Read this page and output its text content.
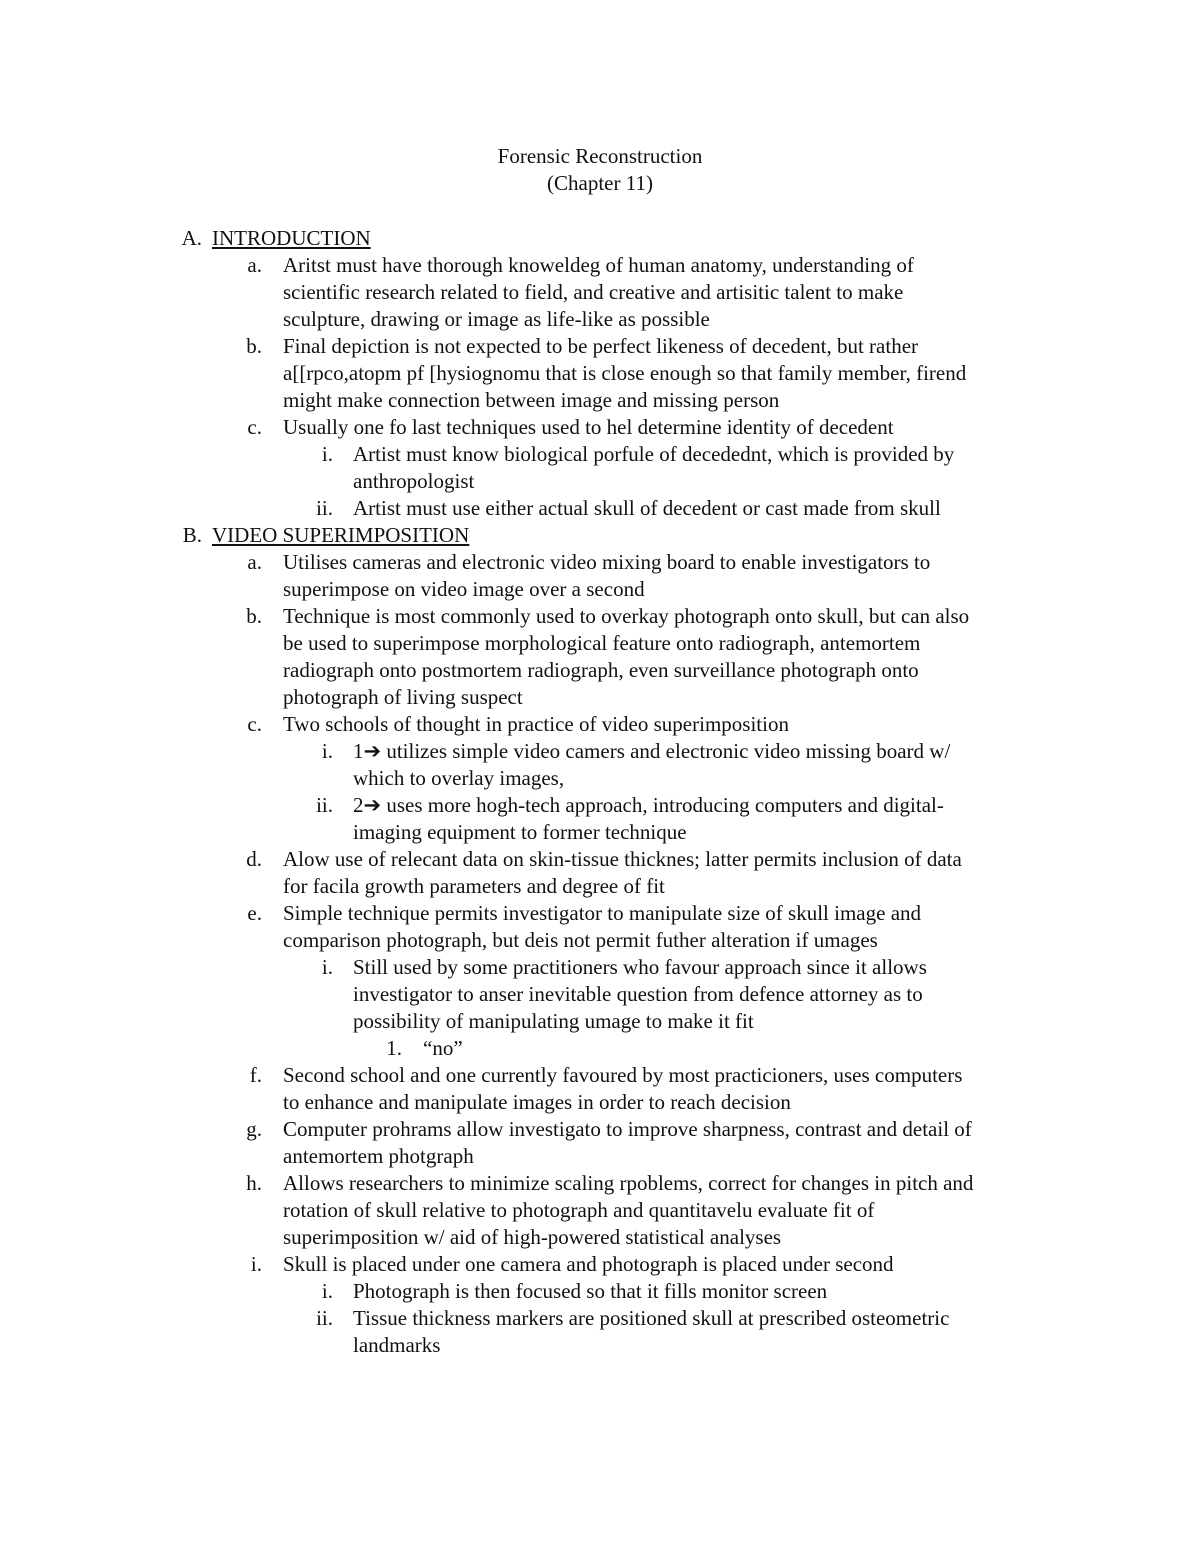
Forensic Reconstruction
(Chapter 11)
A. INTRODUCTION
a. Aritst must have thorough knoweldeg of human anatomy, understanding of
scientific research related to field, and creative and artisitic talent to make
sculpture, drawing or image as life-like as possible
b. Final depiction is not expected to be perfect likeness of decedent, but rather
a[[rpco,atopm pf [hysiognomu that is close enough so that family member, firend
might make connection between image and missing person
c. Usually one fo last techniques used to hel determine identity of decedent
i. Artist must know biological porfule of decedednt, which is provided by
anthropologist
ii. Artist must use either actual skull of decedent or cast made from skull
B. VIDEO SUPERIMPOSITION
a. Utilises cameras and electronic video mixing board to enable investigators to
superimpose on video image over a second
b. Technique is most commonly used to overkay photograph onto skull, but can also
be used to superimpose morphological feature onto radiograph, antemortem
radiograph onto postmortem radiograph, even surveillance photograph onto
photograph of living suspect
c. Two schools of thought in practice of video superimposition
i. 1➔ utilizes simple video camers and electronic video missing board w/
which to overlay images,
ii. 2➔ uses more hogh-tech approach, introducing computers and digital-
imaging equipment to former technique
d. Alow use of relecant data on skin-tissue thicknes; latter permits inclusion of data
for facila growth parameters and degree of fit
e. Simple technique permits investigator to manipulate size of skull image and
comparison photograph, but deis not permit futher alteration if umages
i. Still used by some practitioners who favour approach since it allows
investigator to anser inevitable question from defence attorney as to
possibility of manipulating umage to make it fit
1. “no”
f. Second school and one currently favoured by most practicioners, uses computers
to enhance and manipulate images in order to reach decision
g. Computer prohrams allow investigato to improve sharpness, contrast and detail of
antemortem photgraph
h. Allows researchers to minimize scaling rpoblems, correct for changes in pitch and
rotation of skull relative to photograph and quantitavelu evaluate fit of
superimposition w/ aid of high-powered statistical analyses
i. Skull is placed under one camera and photograph is placed under second
i. Photograph is then focused so that it fills monitor screen
ii. Tissue thickness markers are positioned skull at prescribed osteometric
landmarks
